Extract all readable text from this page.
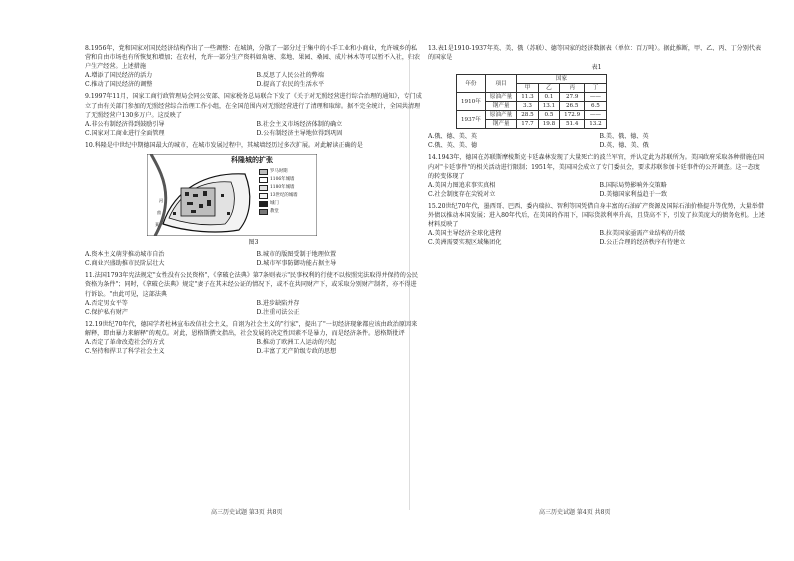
8.1956年，党和国家对国民经济结构作出了一些调整：在城镇，分散了一部分过于集中的小手工业和小商业，允许城乡的私营和自由市场也有所恢复和增加；在农村，允许一部分生产资料如角塘、菜地、果园、桑园、成片林木等可以暂不入社，归农户生产经营。上述措施

A.增添了国民经济的活力	B.反思了人民公社的弊端
C.推动了国民经济的调整	D.提高了农民的生活水平

9.1997年11月，国家工商行政管理局会同公安部、国家税务总局联合下发了《关于对无照经营进行综合治理的通知》，专门成立了由有关部门参加的无照经营综合治理工作小组，在全国范围内对无照经营进行了清理和取缔。据不完全统计，全国共清理了无照经营户130多万户。这反映了

A.非公有制经济得到鼓励引导	B.社会主义市场经济体制的确立
C.国家对工商业进行全面管理	D.公有制经济主导地位得到巩固

10.科隆是中世纪中期德国最大的城市，在城市发展过程中，其城墙经历过多次扩展。对此解读正确的是

莱
茵
河
科隆城的扩张
罗马时期
1106年城墙
1180年城墙
13世纪的城墙
城门
教堂
图3
A.资本主义萌芽推动城市自治	B.城市的版图受制于地理位置
C.商业兴盛助推市民阶层壮大	D.城市军事防御功能占据主导

11.法国1793年宪法规定"女性没有公民资格"，《拿破仑法典》第7条则表示"民事权利的行使不以按照宪法取得并保持的公民资格为条件"；同时，《拿破仑法典》规定"妻子在其未经公证的情况下，或不在共同财产下，或采取分别财产制者，亦不得进行诉讼。"由此可见，这部法典

A.否定男女平等	B.进步缺陷并存
C.保护私有财产	D.注重司法公正

12.19世纪70年代，德国学者杜林宣布改信社会主义，自诩为社会主义的"行家"，提出了"一切经济现象都应该由政治原因来解释，即由暴力来解释"的观点。对此，恩格斯撰文指出，社会发展的决定性因素不是暴力，而是经济条件。恩格斯批评

A.否定了革命改造社会的方式	B.推动了欧洲工人运动的兴起
C.坚持和捍卫了科学社会主义	D.丰富了无产阶级专政的思想

13.表1是1910-1937年英、美、俄（苏联）、德等国家的经济数据表（单位：百万吨）。据此推断，甲、乙、丙、丁分别代表的国家是

表1
年份	项目	国家			
		甲	乙	丙	丁
1910年	原油产量	11.3	0.1	27.9	——
	钢产量	3.3	13.1	26.5	6.5
1937年	原油产量	28.5	0.5	172.9	——
	钢产量	17.7	19.8	51.4	13.2
A.俄、德、美、英	B.美、俄、德、英
C.俄、英、美、德	D.英、德、美、俄

14.1943年，德国在苏联斯摩棱斯克卡廷森林发现了大量死亡的波兰军官，并认定此为苏联所为。美国政府采取各种措施在国内对"卡廷事件"的相关活动进行限制；1951年，美国国会成立了专门委员会，要求苏联参加卡廷事件的公开调查。这一态度的转变体现了

A.美国力图追求事实真相	B.国际局势影响外交策略
C.社会制度存在尖锐对立	D.美德国家利益趋于一致

15.20世纪70年代，墨西哥、巴西、委内瑞拉、智利等国凭借自身丰富的石油矿产资源及国际石油价格提升等优势，大量举借外债以推动本国发展；进入80年代后，在美国的作用下，国际货款利率升高，且贷高不下，引发了拉美庞大的债务危机。上述材料反映了

A.美国主导经济全球化进程	B.拉美国家亟需产业结构的升级
C.美洲需要实现区域集团化	D.公正合理的经济秩序有待建立
高三历史试题 第3页 共8页	高三历史试题 第4页 共8页
